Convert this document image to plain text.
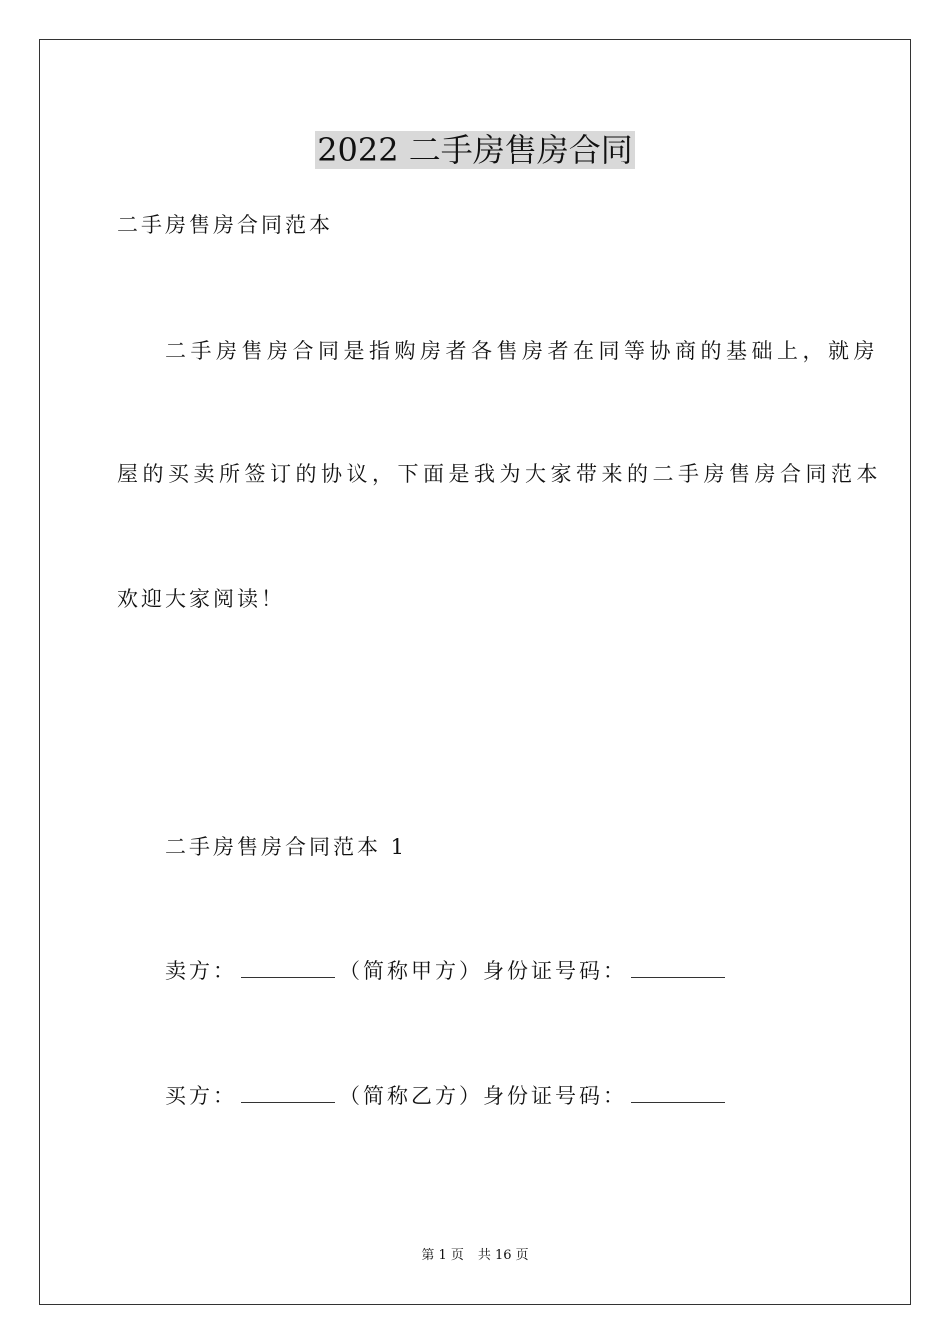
2022 二手房售房合同
二手房售房合同范本
二手房售房合同是指购房者各售房者在同等协商的基础上，就房
屋的买卖所签订的协议，下面是我为大家带来的二手房售房合同范本
欢迎大家阅读！
二手房售房合同范本 1
卖方：	（简称甲方）身份证号码：
买方：	（简称乙方）身份证号码：
第 1 页 共 16 页
